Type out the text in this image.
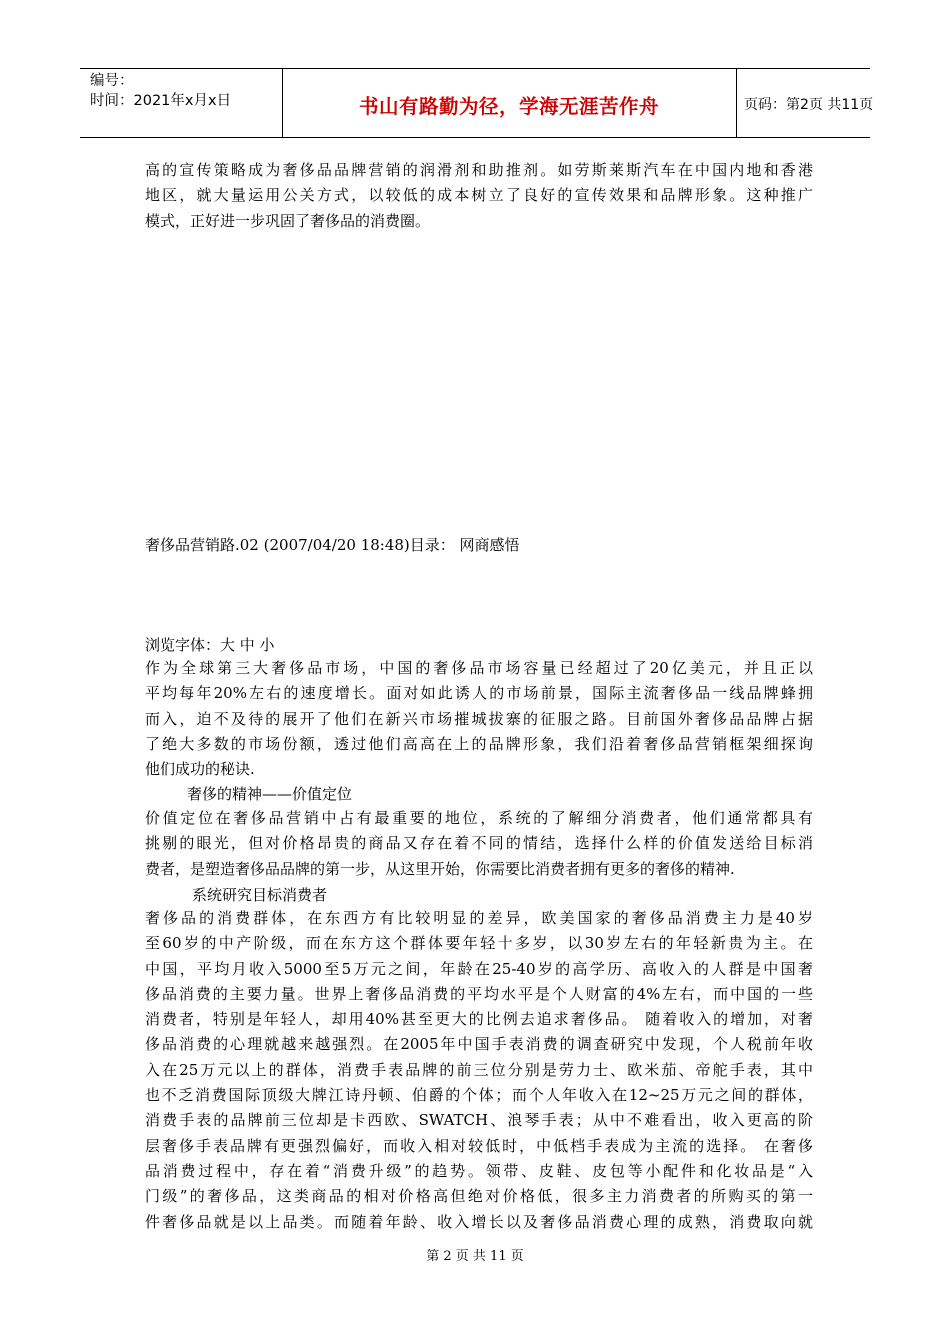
编号：
时间：2021年x月x日	书山有路勤为径，学海无涯苦作舟	页码：第2页 共11页
高的宣传策略成为奢侈品品牌营销的润滑剂和助推剂。如劳斯莱斯汽车在中国内地和香港
地区，就大量运用公关方式，以较低的成本树立了良好的宣传效果和品牌形象。这种推广
模式，正好进一步巩固了奢侈品的消费圈。
奢侈品营销路.02 (2007/04/20 18:48)目录： 网商感悟
浏览字体：大 中 小
作为全球第三大奢侈品市场，中国的奢侈品市场容量已经超过了20亿美元，并且正以
平均每年20%左右的速度增长。面对如此诱人的市场前景，国际主流奢侈品一线品牌蜂拥
而入，迫不及待的展开了他们在新兴市场摧城拔寨的征服之路。目前国外奢侈品品牌占据
了绝大多数的市场份额，透过他们高高在上的品牌形象，我们沿着奢侈品营销框架细探询
他们成功的秘诀.
奢侈的精神——价值定位
价值定位在奢侈品营销中占有最重要的地位，系统的了解细分消费者，他们通常都具有
挑剔的眼光，但对价格昂贵的商品又存在着不同的情结，选择什么样的价值发送给目标消
费者，是塑造奢侈品品牌的第一步，从这里开始，你需要比消费者拥有更多的奢侈的精神.
系统研究目标消费者
奢侈品的消费群体，在东西方有比较明显的差异，欧美国家的奢侈品消费主力是40岁
至60岁的中产阶级，而在东方这个群体要年轻十多岁，以30岁左右的年轻新贵为主。在
中国，平均月收入5000至5万元之间，年龄在25-40岁的高学历、高收入的人群是中国奢
侈品消费的主要力量。世界上奢侈品消费的平均水平是个人财富的4%左右，而中国的一些
消费者，特别是年轻人，却用40%甚至更大的比例去追求奢侈品。 随着收入的增加，对奢
侈品消费的心理就越来越强烈。在2005年中国手表消费的调查研究中发现，个人税前年收
入在25万元以上的群体，消费手表品牌的前三位分别是劳力士、欧米茄、帝舵手表，其中
也不乏消费国际顶级大牌江诗丹顿、伯爵的个体；而个人年收入在12~25万元之间的群体，
消费手表的品牌前三位却是卡西欧、SWATCH、浪琴手表；从中不难看出，收入更高的阶
层奢侈手表品牌有更强烈偏好，而收入相对较低时，中低档手表成为主流的选择。 在奢侈
品消费过程中，存在着“消费升级”的趋势。领带、皮鞋、皮包等小配件和化妆品是“入
门级”的奢侈品，这类商品的相对价格高但绝对价格低，很多主力消费者的所购买的第一
件奢侈品就是以上品类。而随着年龄、收入增长以及奢侈品消费心理的成熟，消费取向就
第 2 页 共 11 页
